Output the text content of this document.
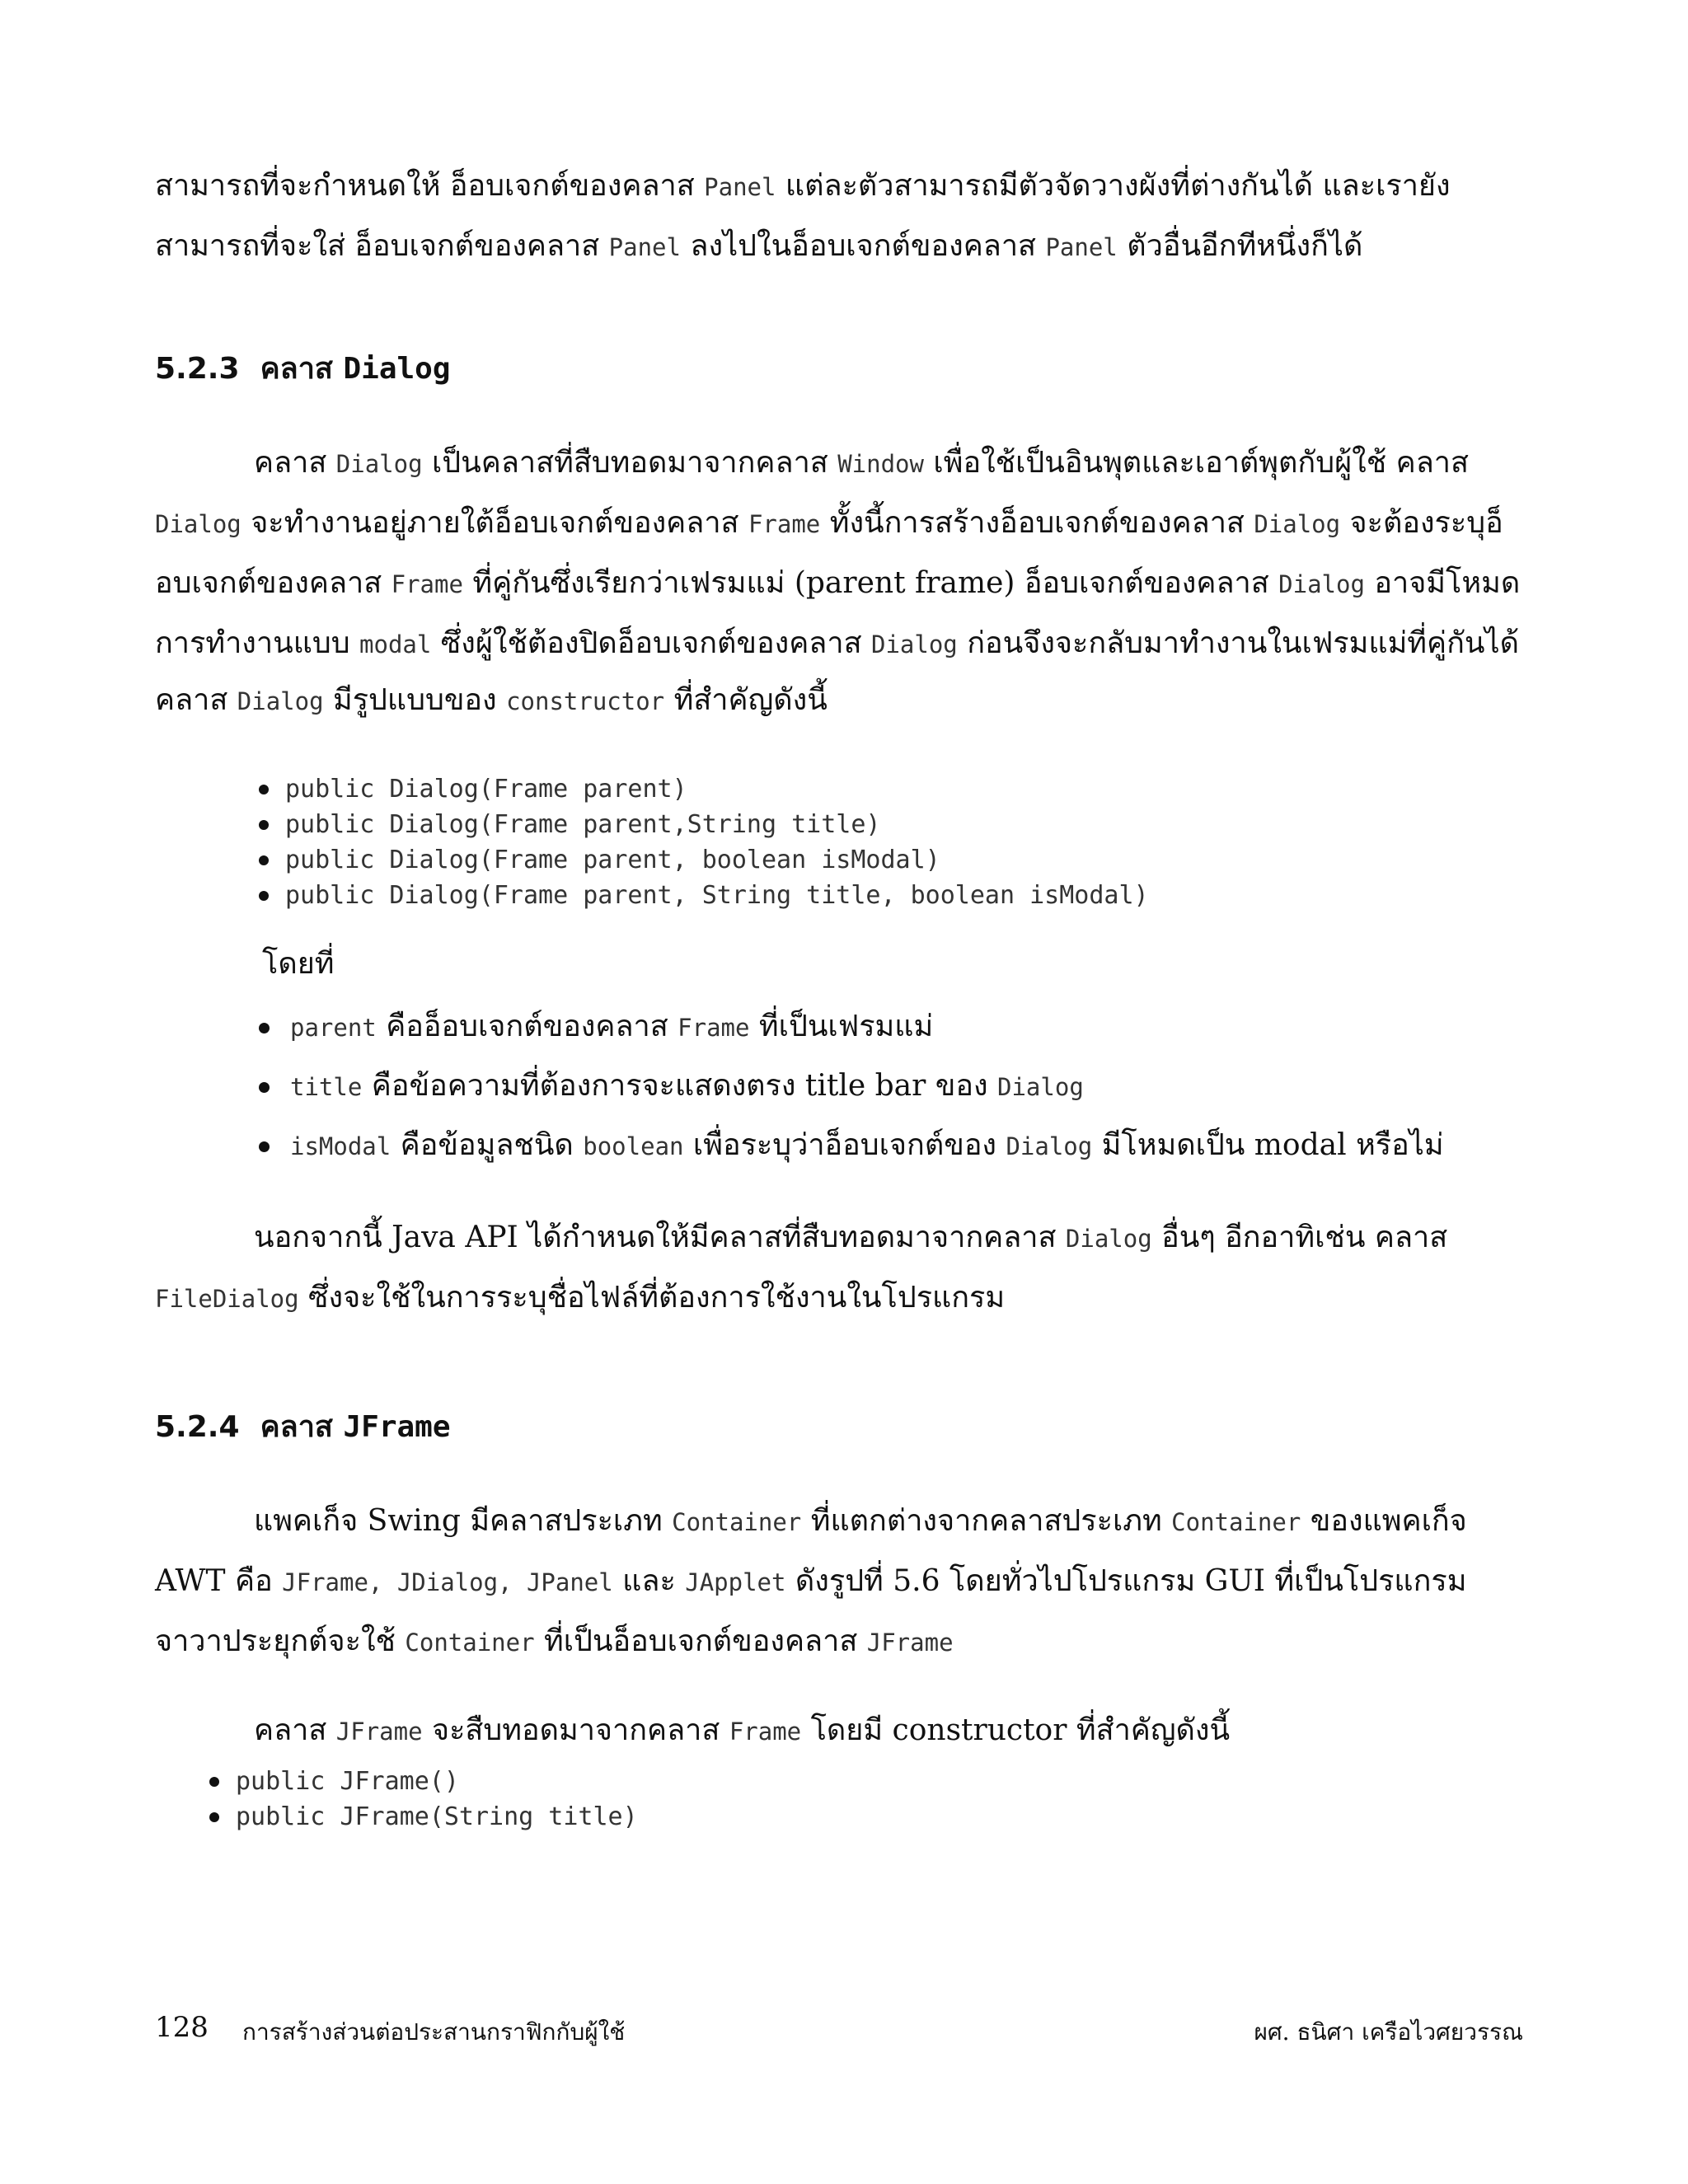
สามารถที่จะกำหนดให้ อ็อบเจกต์ของคลาส Panel แต่ละตัวสามารถมีตัวจัดวางผังที่ต่างกันได้ และเรายังสามารถที่จะใส่ อ็อบเจกต์ของคลาส Panel ลงไปในอ็อบเจกต์ของคลาส Panel ตัวอื่นอีกทีหนึ่งก็ได้

5.2.3 คลาส Dialog

คลาส Dialog เป็นคลาสที่สืบทอดมาจากคลาส Window เพื่อใช้เป็นอินพุตและเอาต์พุตกับผู้ใช้ คลาส Dialog จะทำงานอยู่ภายใต้อ็อบเจกต์ของคลาส Frame ทั้งนี้การสร้างอ็อบเจกต์ของคลาส Dialog จะต้องระบุอ็อบเจกต์ของคลาส Frame ที่คู่กันซึ่งเรียกว่าเฟรมแม่ (parent frame) อ็อบเจกต์ของคลาส Dialog อาจมีโหมดการทำงานแบบ modal ซึ่งผู้ใช้ต้องปิดอ็อบเจกต์ของคลาส Dialog ก่อนจึงจะกลับมาทำงานในเฟรมแม่ที่คู่กันได้

คลาส Dialog มีรูปแบบของ constructor ที่สำคัญดังนี้

public Dialog(Frame parent)
public Dialog(Frame parent,String title)
public Dialog(Frame parent, boolean isModal)
public Dialog(Frame parent, String title, boolean isModal)

โดยที่

parent คืออ็อบเจกต์ของคลาส Frame ที่เป็นเฟรมแม่
title คือข้อความที่ต้องการจะแสดงตรง title bar ของ Dialog
isModal คือข้อมูลชนิด boolean เพื่อระบุว่าอ็อบเจกต์ของ Dialog มีโหมดเป็น modal หรือไม่

นอกจากนี้ Java API ได้กำหนดให้มีคลาสที่สืบทอดมาจากคลาส Dialog อื่นๆ อีกอาทิเช่น คลาส FileDialog ซึ่งจะใช้ในการระบุชื่อไฟล์ที่ต้องการใช้งานในโปรแกรม

5.2.4 คลาส JFrame

แพคเก็จ Swing มีคลาสประเภท Container ที่แตกต่างจากคลาสประเภท Container ของแพคเก็จ AWT คือ JFrame, JDialog, JPanel และ JApplet ดังรูปที่ 5.6 โดยทั่วไปโปรแกรม GUI ที่เป็นโปรแกรมจาวาประยุกต์จะใช้ Container ที่เป็นอ็อบเจกต์ของคลาส JFrame

คลาส JFrame จะสืบทอดมาจากคลาส Frame โดยมี constructor ที่สำคัญดังนี้

public JFrame()
public JFrame(String title)
128 การสร้างส่วนต่อประสานกราฟิกกับผู้ใช้	ผศ. ธนิศา เครือไวศยวรรณ
